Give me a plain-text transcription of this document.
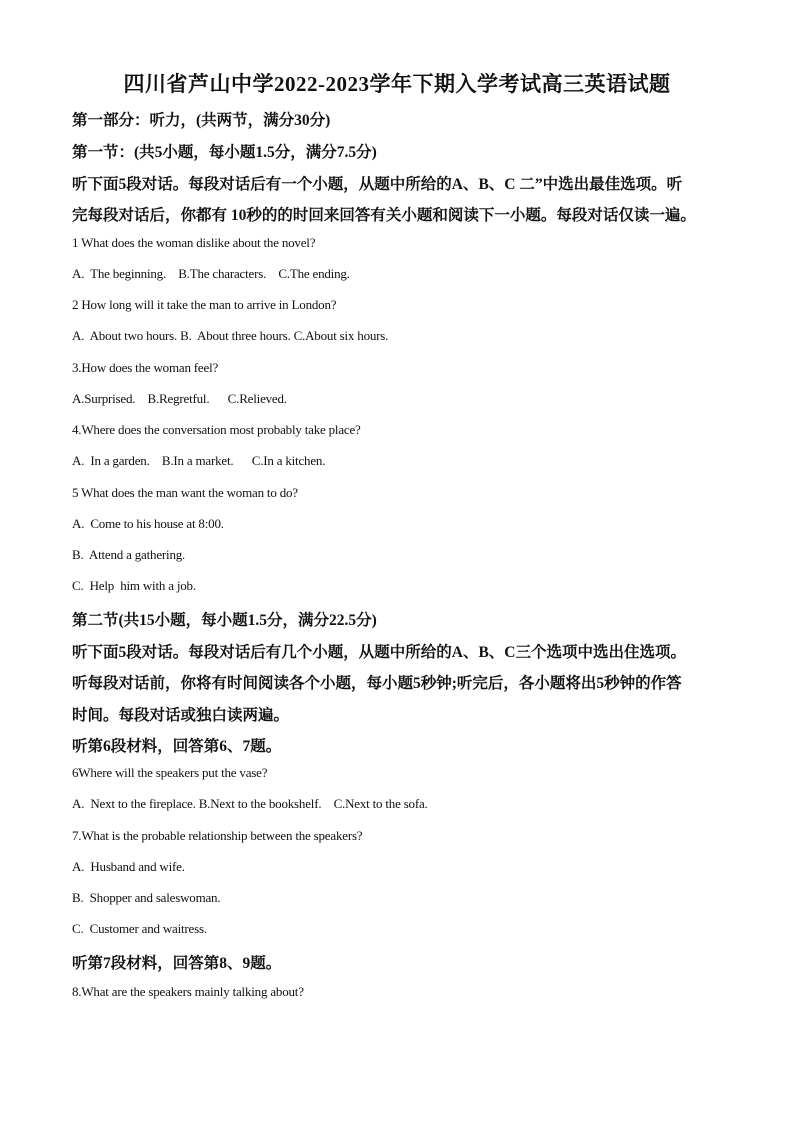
四川省芦山中学2022-2023学年下期入学考试高三英语试题
第一部分：听力，(共两节，满分30分)
第一节：(共5小题，每小题1.5分，满分7.5分)
听下面5段对话。每段对话后有一个小题，从题中所给的A、B、C 二”中选出最佳选项。听
完每段对话后，你都有 10秒的的时回来回答有关小题和阅读下一小题。每段对话仅读一遍。
1 What does the woman dislike about the novel?
A.  The beginning.    B.The characters.    C.The ending.
2 How long will it take the man to arrive in London?
A.  About two hours. B.  About three hours. C.About six hours.
3.How does the woman feel?
A.Surprised.    B.Regretful.      C.Relieved.
4.Where does the conversation most probably take place?
A.  In a garden.    B.In a market.      C.In a kitchen.
5 What does the man want the woman to do?
A.  Come to his house at 8:00.
B.  Attend a gathering.
C.  Help  him with a job.
第二节(共15小题，每小题1.5分，满分22.5分)
听下面5段对话。每段对话后有几个小题，从题中所给的A、B、C三个选项中选出住选项。
听每段对话前，你将有时间阅读各个小题，每小题5秒钟;听完后，各小题将出5秒钟的作答
时间。每段对话或独白读两遍。
听第6段材料，回答第6、7题。
6Where will the speakers put the vase?
A.  Next to the fireplace. B.Next to the bookshelf.    C.Next to the sofa.
7.What is the probable relationship between the speakers?
A.  Husband and wife.
B.  Shopper and saleswoman.
C.  Customer and waitress.
听第7段材料，回答第8、9题。
8.What are the speakers mainly talking about?
